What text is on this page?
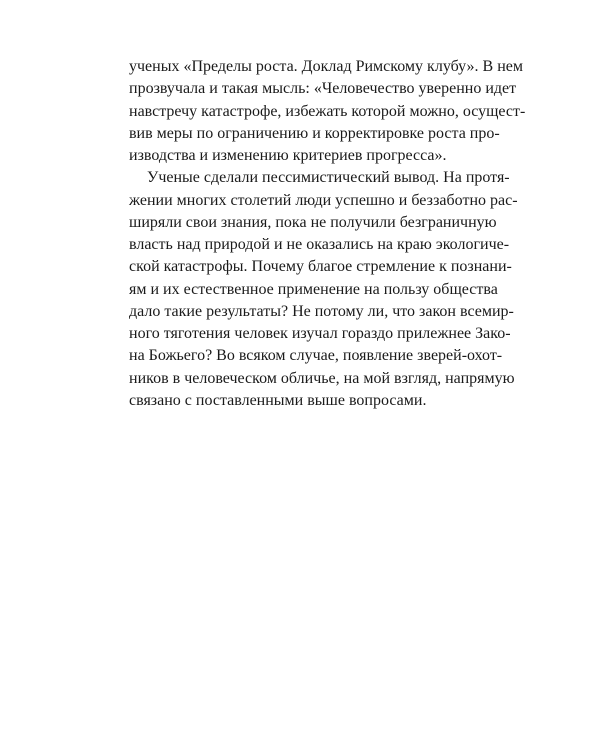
ученых «Пределы роста. Доклад Римскому клубу». В нем
прозвучала и такая мысль: «Человечество уверенно идет
навстречу катастрофе, избежать которой можно, осущест-
вив меры по ограничению и корректировке роста про-
изводства и изменению критериев прогресса».
Ученые сделали пессимистический вывод. На протя-
жении многих столетий люди успешно и беззаботно рас-
ширяли свои знания, пока не получили безграничную
власть над природой и не оказались на краю экологиче-
ской катастрофы. Почему благое стремление к познани-
ям и их естественное применение на пользу общества
дало такие результаты? Не потому ли, что закон всемир-
ного тяготения человек изучал гораздо прилежнее Зако-
на Божьего? Во всяком случае, появление зверей-охот-
ников в человеческом обличье, на мой взгляд, напрямую
связано с поставленными выше вопросами.
